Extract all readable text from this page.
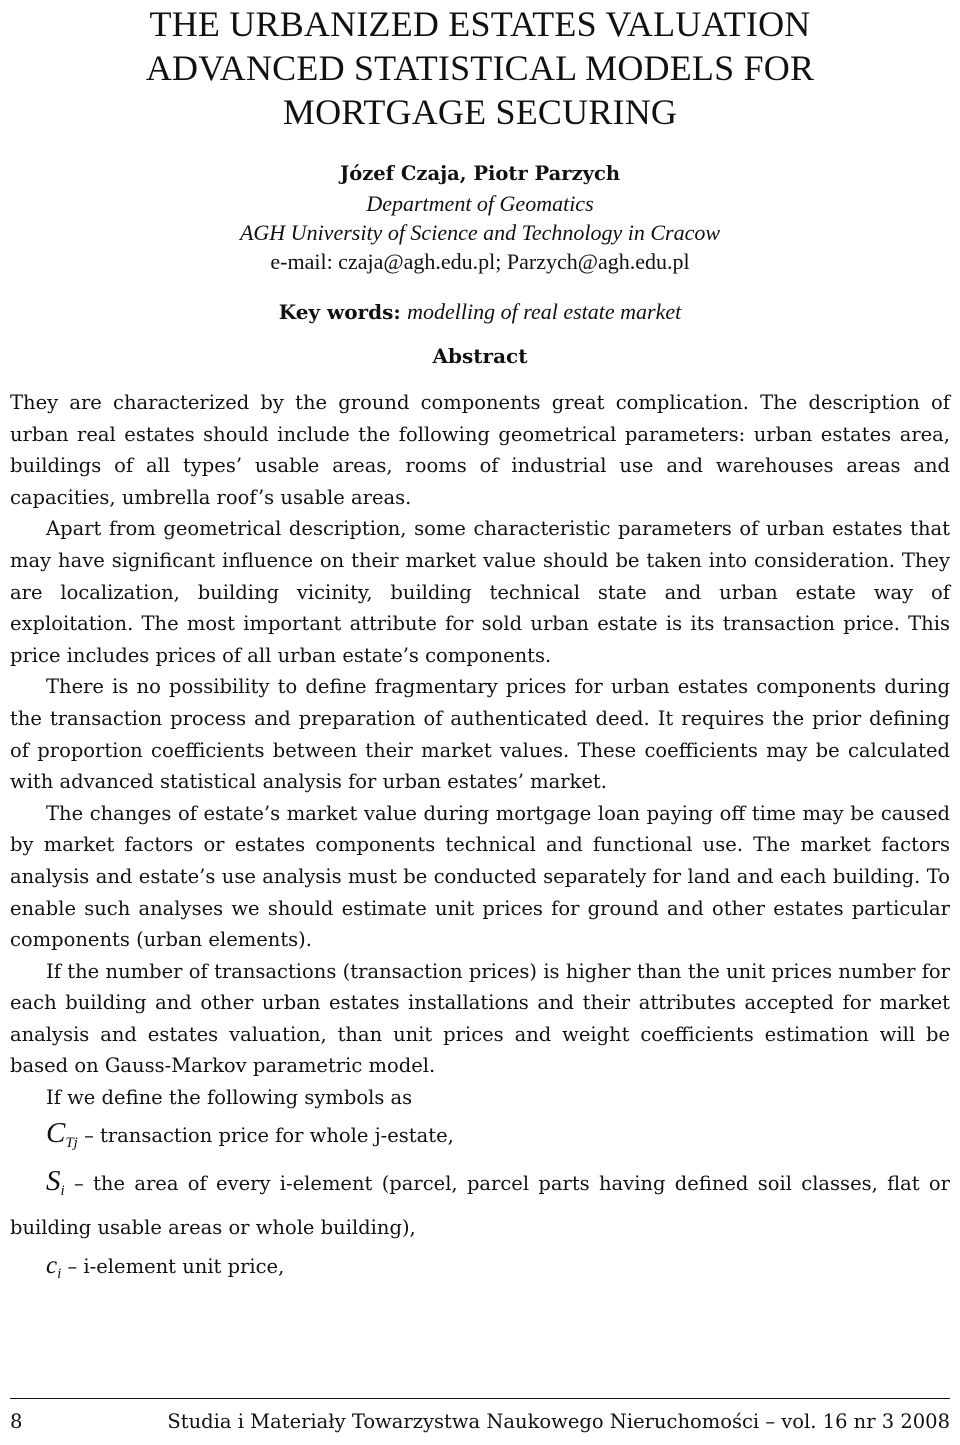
THE URBANIZED ESTATES VALUATION
ADVANCED STATISTICAL MODELS FOR
MORTGAGE SECURING
Józef Czaja, Piotr Parzych
Department of Geomatics
AGH University of Science and Technology in Cracow
e-mail: czaja@agh.edu.pl; Parzych@agh.edu.pl
Key words: modelling of real estate market
Abstract

They are characterized by the ground components great complication. The description of urban real estates should include the following geometrical parameters: urban estates area, buildings of all types’ usable areas, rooms of industrial use and warehouses areas and capacities, umbrella roof’s usable areas.

Apart from geometrical description, some characteristic parameters of urban estates that may have significant influence on their market value should be taken into consideration. They are localization, building vicinity, building technical state and urban estate way of exploitation. The most important attribute for sold urban estate is its transaction price. This price includes prices of all urban estate’s components.

There is no possibility to define fragmentary prices for urban estates components during the transaction process and preparation of authenticated deed. It requires the prior defining of proportion coefficients between their market values. These coefficients may be calculated with advanced statistical analysis for urban estates’ market.

The changes of estate’s market value during mortgage loan paying off time may be caused by market factors or estates components technical and functional use. The market factors analysis and estate’s use analysis must be conducted separately for land and each building. To enable such analyses we should estimate unit prices for ground and other estates particular components (urban elements).

If the number of transactions (transaction prices) is higher than the unit prices number for each building and other urban estates installations and their attributes accepted for market analysis and estates valuation, than unit prices and weight coefficients estimation will be based on Gauss-Markov parametric model.

If we define the following symbols as

$C_{Tj}$ – transaction price for whole j-estate,

$S_i$ – the area of every i-element (parcel, parcel parts having defined soil classes, flat or building usable areas or whole building),

$c_i$ – i-element unit price,

8	Studia i Materiały Towarzystwa Naukowego Nieruchomości – vol. 16 nr 3 2008
